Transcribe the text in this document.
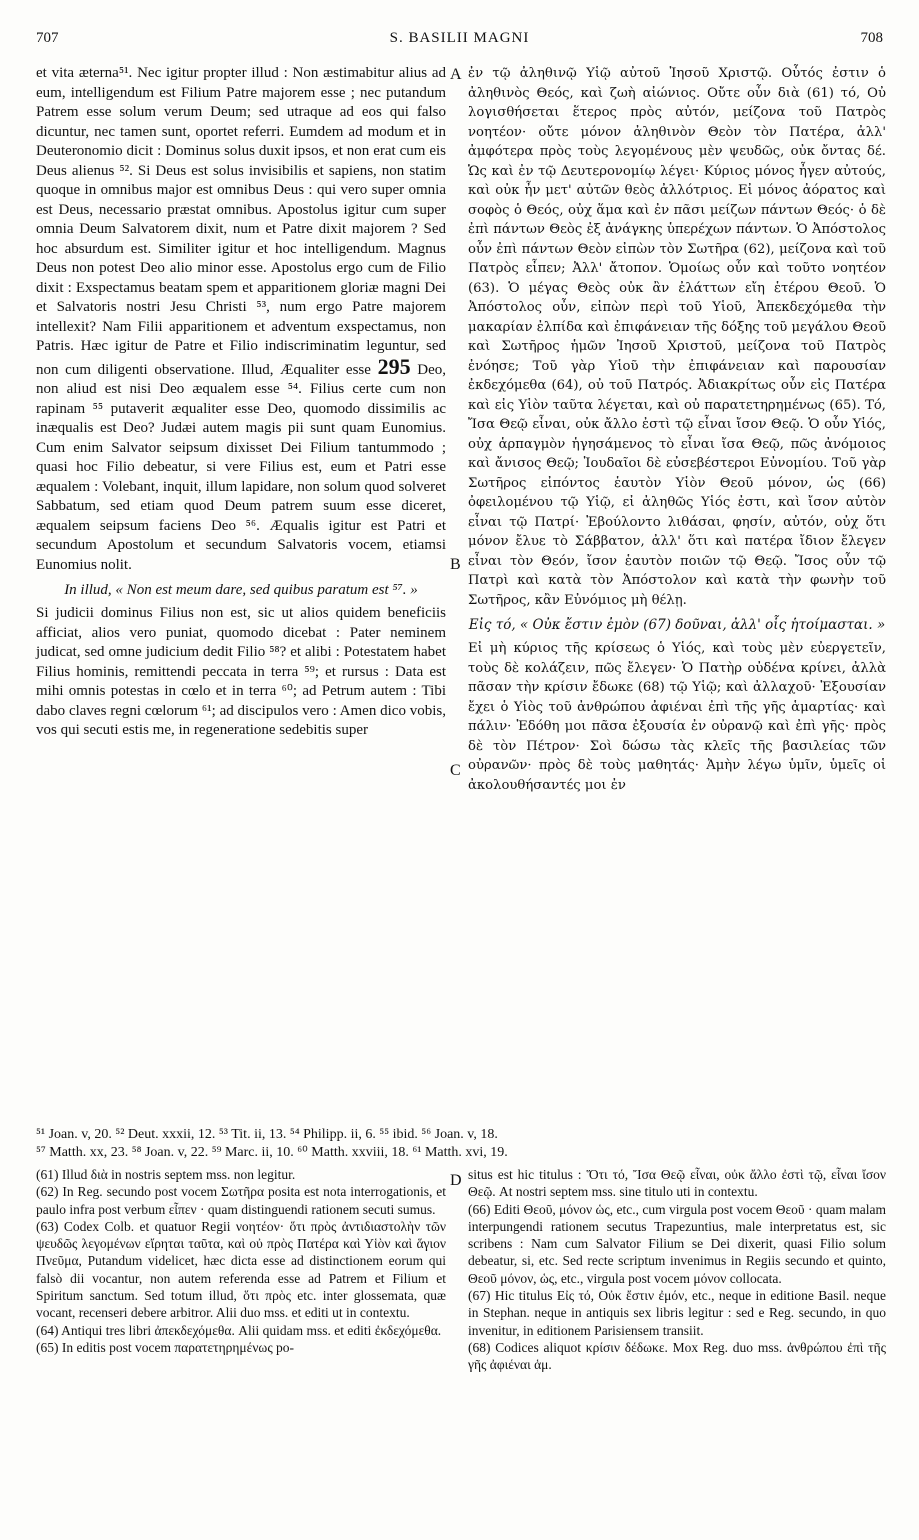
707	S. BASILII MAGNI	708
A
B
C
D

et vita æterna⁵¹. Nec igitur propter illud : Non æstimabitur alius ad eum, intelligendum est Filium Patre majorem esse ; nec putandum Patrem esse solum verum Deum; sed utraque ad eos qui falso dicuntur, nec tamen sunt, oportet referri. Eumdem ad modum et in Deuteronomio dicit : Dominus solus duxit ipsos, et non erat cum eis Deus alienus ⁵². Si Deus est solus invisibilis et sapiens, non statim quoque in omnibus major est omnibus Deus : qui vero super omnia est Deus, necessario præstat omnibus. Apostolus igitur cum super omnia Deum Salvatorem dixit, num et Patre dixit majorem ? Sed hoc absurdum est. Similiter igitur et hoc intelligendum. Magnus Deus non potest Deo alio minor esse. Apostolus ergo cum de Filio dixit : Exspectamus beatam spem et apparitionem gloriæ magni Dei et Salvatoris nostri Jesu Christi ⁵³, num ergo Patre majorem intellexit? Nam Filii apparitionem et adventum exspectamus, non Patris. Hæc igitur de Patre et Filio indiscriminatim leguntur, sed non cum diligenti observatione. Illud, Æqualiter esse 295 Deo, non aliud est nisi Deo æqualem esse ⁵⁴. Filius certe cum non rapinam ⁵⁵ putaverit æqualiter esse Deo, quomodo dissimilis ac inæqualis est Deo? Judæi autem magis pii sunt quam Eunomius. Cum enim Salvator seipsum dixisset Dei Filium tantummodo ; quasi hoc Filio debeatur, si vere Filius est, eum et Patri esse æqualem : Volebant, inquit, illum lapidare, non solum quod solveret Sabbatum, sed etiam quod Deum patrem suum esse diceret, æqualem seipsum faciens Deo ⁵⁶. Æqualis igitur est Patri et secundum Apostolum et secundum Salvatoris vocem, etiamsi Eunomius nolit.

In illud, « Non est meum dare, sed quibus paratum est ⁵⁷. »

Si judicii dominus Filius non est, sic ut alios quidem beneficiis afficiat, alios vero puniat, quomodo dicebat : Pater neminem judicat, sed omne judicium dedit Filio ⁵⁸? et alibi : Potestatem habet Filius hominis, remittendi peccata in terra ⁵⁹; et rursus : Data est mihi omnis potestas in cœlo et in terra ⁶⁰; ad Petrum autem : Tibi dabo claves regni cœlorum ⁶¹; ad discipulos vero : Amen dico vobis, vos qui secuti estis me, in regeneratione sedebitis super

ἐν τῷ ἀληθινῷ Υἱῷ αὐτοῦ Ἰησοῦ Χριστῷ. Οὗτός ἐστιν ὁ ἀληθινὸς Θεός, καὶ ζωὴ αἰώνιος. Οὔτε οὖν διὰ (61) τό, Οὐ λογισθήσεται ἕτερος πρὸς αὐτόν, μείζονα τοῦ Πατρὸς νοητέον· οὔτε μόνον ἀληθινὸν Θεὸν τὸν Πατέρα, ἀλλ' ἀμφότερα πρὸς τοὺς λεγομένους μὲν ψευδῶς, οὐκ ὄντας δέ. Ὡς καὶ ἐν τῷ Δευτερονομίῳ λέγει· Κύριος μόνος ἦγεν αὐτούς, καὶ οὐκ ἦν μετ' αὐτῶν θεὸς ἀλλότριος. Εἰ μόνος ἀόρατος καὶ σοφὸς ὁ Θεός, οὐχ ἅμα καὶ ἐν πᾶσι μείζων πάντων Θεός· ὁ δὲ ἐπὶ πάντων Θεὸς ἐξ ἀνάγκης ὑπερέχων πάντων. Ὁ Ἀπόστολος οὖν ἐπὶ πάντων Θεὸν εἰπὼν τὸν Σωτῆρα (62), μείζονα καὶ τοῦ Πατρὸς εἶπεν; Ἀλλ' ἄτοπον. Ὁμοίως οὖν καὶ τοῦτο νοητέον (63). Ὁ μέγας Θεὸς οὐκ ἂν ἐλάττων εἴη ἑτέρου Θεοῦ. Ὁ Ἀπόστολος οὖν, εἰπὼν περὶ τοῦ Υἱοῦ, Ἀπεκδεχόμεθα τὴν μακαρίαν ἐλπίδα καὶ ἐπιφάνειαν τῆς δόξης τοῦ μεγάλου Θεοῦ καὶ Σωτῆρος ἡμῶν Ἰησοῦ Χριστοῦ, μείζονα τοῦ Πατρὸς ἐνόησε; Τοῦ γὰρ Υἱοῦ τὴν ἐπιφάνειαν καὶ παρουσίαν ἐκδεχόμεθα (64), οὐ τοῦ Πατρός. Ἀδιακρίτως οὖν εἰς Πατέρα καὶ εἰς Υἱὸν ταῦτα λέγεται, καὶ οὐ παρατετηρημένως (65). Τό, Ἴσα Θεῷ εἶναι, οὐκ ἄλλο ἐστὶ τῷ εἶναι ἴσον Θεῷ. Ὁ οὖν Υἱός, οὐχ ἁρπαγμὸν ἡγησάμενος τὸ εἶναι ἴσα Θεῷ, πῶς ἀνόμοιος καὶ ἄνισος Θεῷ; Ἰουδαῖοι δὲ εὐσεβέστεροι Εὐνομίου. Τοῦ γὰρ Σωτῆρος εἰπόντος ἑαυτὸν Υἱὸν Θεοῦ μόνον, ὡς (66) ὀφειλομένου τῷ Υἱῷ, εἰ ἀληθῶς Υἱός ἐστι, καὶ ἴσον αὐτὸν εἶναι τῷ Πατρί· Ἐβούλοντο λιθάσαι, φησίν, αὐτόν, οὐχ ὅτι μόνον ἔλυε τὸ Σάββατον, ἀλλ' ὅτι καὶ πατέρα ἴδιον ἔλεγεν εἶναι τὸν Θεόν, ἴσον ἑαυτὸν ποιῶν τῷ Θεῷ. Ἴσος οὖν τῷ Πατρὶ καὶ κατὰ τὸν Ἀπόστολον καὶ κατὰ τὴν φωνὴν τοῦ Σωτῆρος, κἂν Εὐνόμιος μὴ θέλῃ.

Εἰς τό, « Οὐκ ἔστιν ἐμὸν (67) δοῦναι, ἀλλ' οἷς ἡτοίμασται. »

Εἰ μὴ κύριος τῆς κρίσεως ὁ Υἱός, καὶ τοὺς μὲν εὐεργετεῖν, τοὺς δὲ κολάζειν, πῶς ἔλεγεν· Ὁ Πατὴρ οὐδένα κρίνει, ἀλλὰ πᾶσαν τὴν κρίσιν ἔδωκε (68) τῷ Υἱῷ; καὶ ἀλλαχοῦ· Ἐξουσίαν ἔχει ὁ Υἱὸς τοῦ ἀνθρώπου ἀφιέναι ἐπὶ τῆς γῆς ἁμαρτίας· καὶ πάλιν· Ἐδόθη μοι πᾶσα ἐξουσία ἐν οὐρανῷ καὶ ἐπὶ γῆς· πρὸς δὲ τὸν Πέτρον· Σοὶ δώσω τὰς κλεῖς τῆς βασιλείας τῶν οὐρανῶν· πρὸς δὲ τοὺς μαθητάς· Ἀμὴν λέγω ὑμῖν, ὑμεῖς οἱ ἀκολουθήσαντές μοι ἐν

⁵¹ Joan. v, 20. ⁵² Deut. xxxii, 12. ⁵³ Tit. ii, 13. ⁵⁴ Philipp. ii, 6. ⁵⁵ ibid. ⁵⁶ Joan. v, 18.
⁵⁷ Matth. xx, 23. ⁵⁸ Joan. v, 22. ⁵⁹ Marc. ii, 10. ⁶⁰ Matth. xxviii, 18. ⁶¹ Matth. xvi, 19.

(61) Illud διὰ in nostris septem mss. non legitur.

(62) In Reg. secundo post vocem Σωτῆρα posita est nota interrogationis, et paulo infra post verbum εἶπεν · quam distinguendi rationem secuti sumus.

(63) Codex Colb. et quatuor Regii νοητέον· ὅτι πρὸς ἀντιδιαστολὴν τῶν ψευδῶς λεγομένων εἴρηται ταῦτα, καὶ οὐ πρὸς Πατέρα καὶ Υἱὸν καὶ ἅγιον Πνεῦμα, Putandum videlicet, hæc dicta esse ad distinctionem eorum qui falsò dii vocantur, non autem referenda esse ad Patrem et Filium et Spiritum sanctum. Sed totum illud, ὅτι πρὸς etc. inter glossemata, quæ vocant, recenseri debere arbitror. Alii duo mss. et editi ut in contextu.

(64) Antiqui tres libri ἀπεκδεχόμεθα. Alii quidam mss. et editi ἐκδεχόμεθα.

(65) In editis post vocem παρατετηρημένως po-

situs est hic titulus : Ὅτι τό, Ἴσα Θεῷ εἶναι, οὐκ ἄλλο ἐστὶ τῷ, εἶναι ἴσον Θεῷ. At nostri septem mss. sine titulo uti in contextu.

(66) Editi Θεοῦ, μόνον ὡς, etc., cum virgula post vocem Θεοῦ · quam malam interpungendi rationem secutus Trapezuntius, male interpretatus est, sic scribens : Nam cum Salvator Filium se Dei dixerit, quasi Filio solum debeatur, si, etc. Sed recte scriptum invenimus in Regiis secundo et quinto, Θεοῦ μόνον, ὡς, etc., virgula post vocem μόνον collocata.

(67) Hic titulus Εἰς τό, Οὐκ ἔστιν ἐμόν, etc., neque in editione Basil. neque in Stephan. neque in antiquis sex libris legitur : sed e Reg. secundo, in quo invenitur, in editionem Parisiensem transiit.

(68) Codices aliquot κρίσιν δέδωκε. Mox Reg. duo mss. ἀνθρώπου ἐπὶ τῆς γῆς ἀφιέναι ἁμ.
